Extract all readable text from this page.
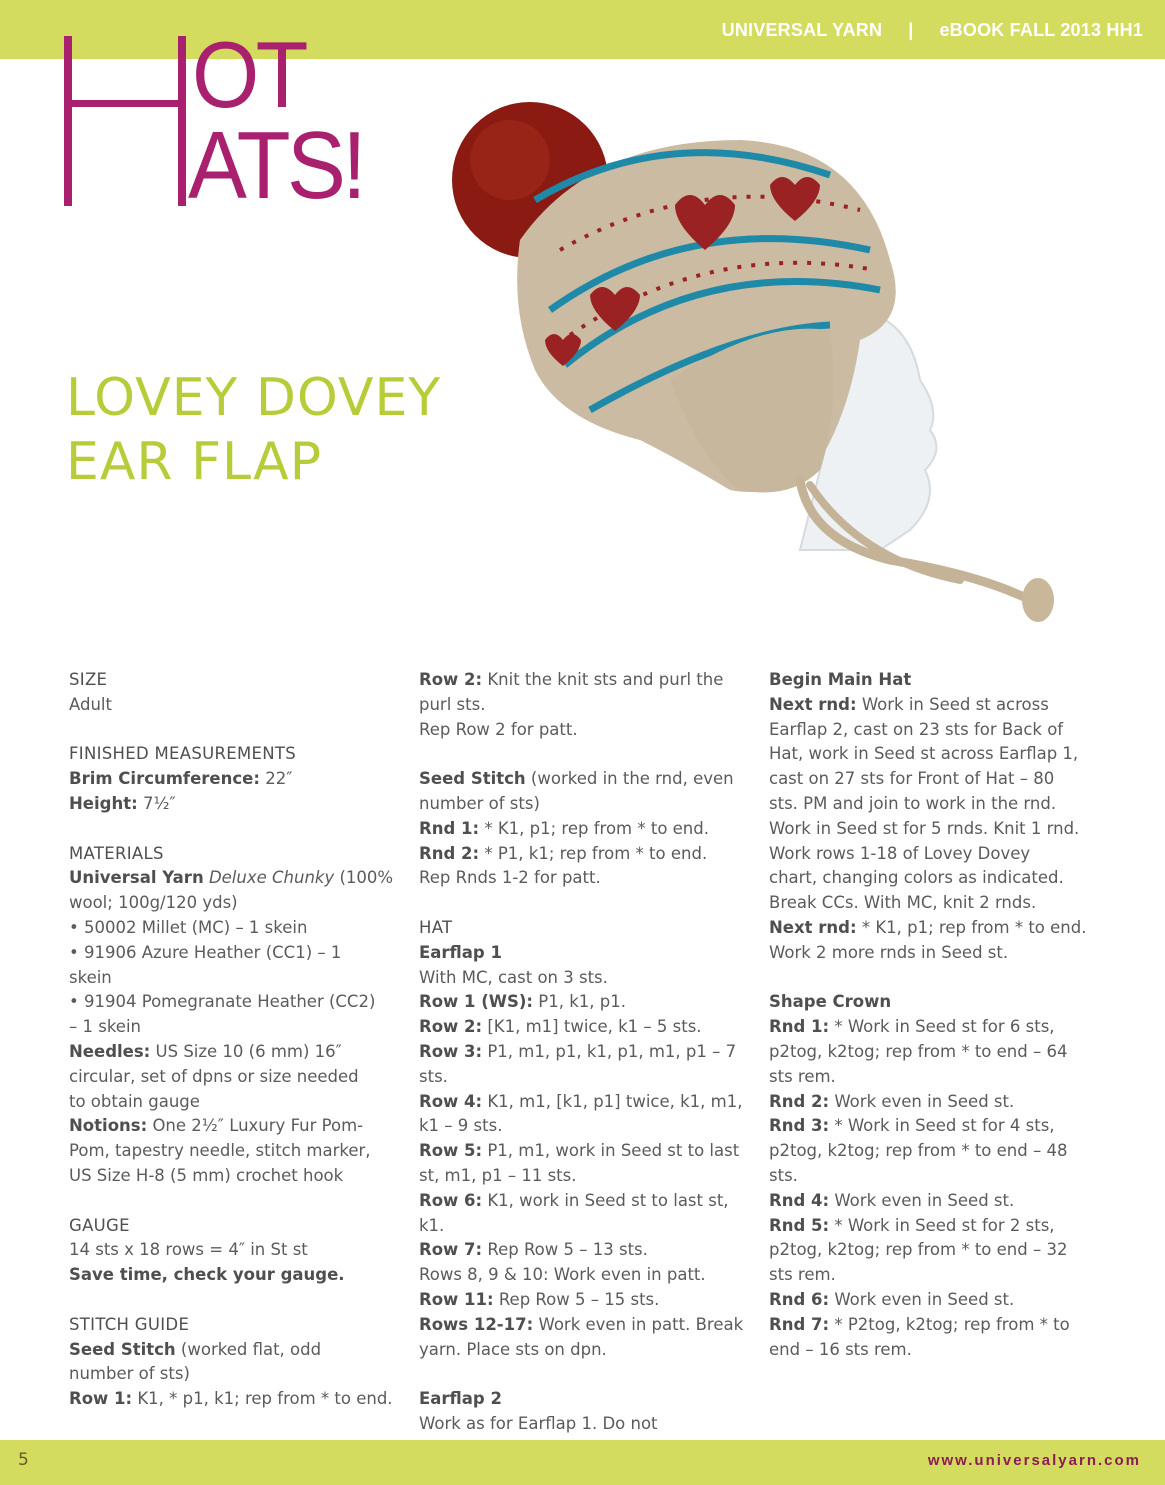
UNIVERSAL YARN | eBOOK FALL 2013 HH1
OT
ATS!
LOVEY DOVEY
EAR FLAP
SIZE
Adult
FINISHED MEASUREMENTS
Brim Circumference: 22″
Height: 7½″
MATERIALS
Universal Yarn Deluxe Chunky (100%
wool; 100g/120 yds)
• 50002 Millet (MC) – 1 skein
• 91906 Azure Heather (CC1) – 1
skein
• 91904 Pomegranate Heather (CC2)
– 1 skein
Needles: US Size 10 (6 mm) 16″
circular, set of dpns or size needed
to obtain gauge
Notions: One 2½″ Luxury Fur Pom-
Pom, tapestry needle, stitch marker,
US Size H-8 (5 mm) crochet hook
GAUGE
14 sts x 18 rows = 4″ in St st
Save time, check your gauge.
STITCH GUIDE
Seed Stitch (worked flat, odd
number of sts)
Row 1: K1, * p1, k1; rep from * to end.
Row 2: Knit the knit sts and purl the
purl sts.
Rep Row 2 for patt.
Seed Stitch (worked in the rnd, even
number of sts)
Rnd 1: * K1, p1; rep from * to end.
Rnd 2: * P1, k1; rep from * to end.
Rep Rnds 1-2 for patt.
HAT
Earflap 1
With MC, cast on 3 sts.
Row 1 (WS): P1, k1, p1.
Row 2: [K1, m1] twice, k1 – 5 sts.
Row 3: P1, m1, p1, k1, p1, m1, p1 – 7 sts.
Row 4: K1, m1, [k1, p1] twice, k1, m1,
k1 – 9 sts.
Row 5: P1, m1, work in Seed st to last
st, m1, p1 – 11 sts.
Row 6: K1, work in Seed st to last st, k1.
Row 7: Rep Row 5 – 13 sts.
Rows 8, 9 & 10: Work even in patt.
Row 11: Rep Row 5 – 15 sts.
Rows 12-17: Work even in patt. Break
yarn. Place sts on dpn.
Earflap 2
Work as for Earflap 1. Do not
Begin Main Hat
Next rnd: Work in Seed st across
Earflap 2, cast on 23 sts for Back of
Hat, work in Seed st across Earflap 1,
cast on 27 sts for Front of Hat – 80
sts. PM and join to work in the rnd.
Work in Seed st for 5 rnds. Knit 1 rnd.
Work rows 1-18 of Lovey Dovey
chart, changing colors as indicated.
Break CCs. With MC, knit 2 rnds.
Next rnd: * K1, p1; rep from * to end.
Work 2 more rnds in Seed st.
Shape Crown
Rnd 1: * Work in Seed st for 6 sts,
p2tog, k2tog; rep from * to end – 64
sts rem.
Rnd 2: Work even in Seed st.
Rnd 3: * Work in Seed st for 4 sts,
p2tog, k2tog; rep from * to end – 48
sts.
Rnd 4: Work even in Seed st.
Rnd 5: * Work in Seed st for 2 sts,
p2tog, k2tog; rep from * to end – 32
sts rem.
Rnd 6: Work even in Seed st.
Rnd 7: * P2tog, k2tog; rep from * to
end – 16 sts rem.
5	www.universalyarn.com
